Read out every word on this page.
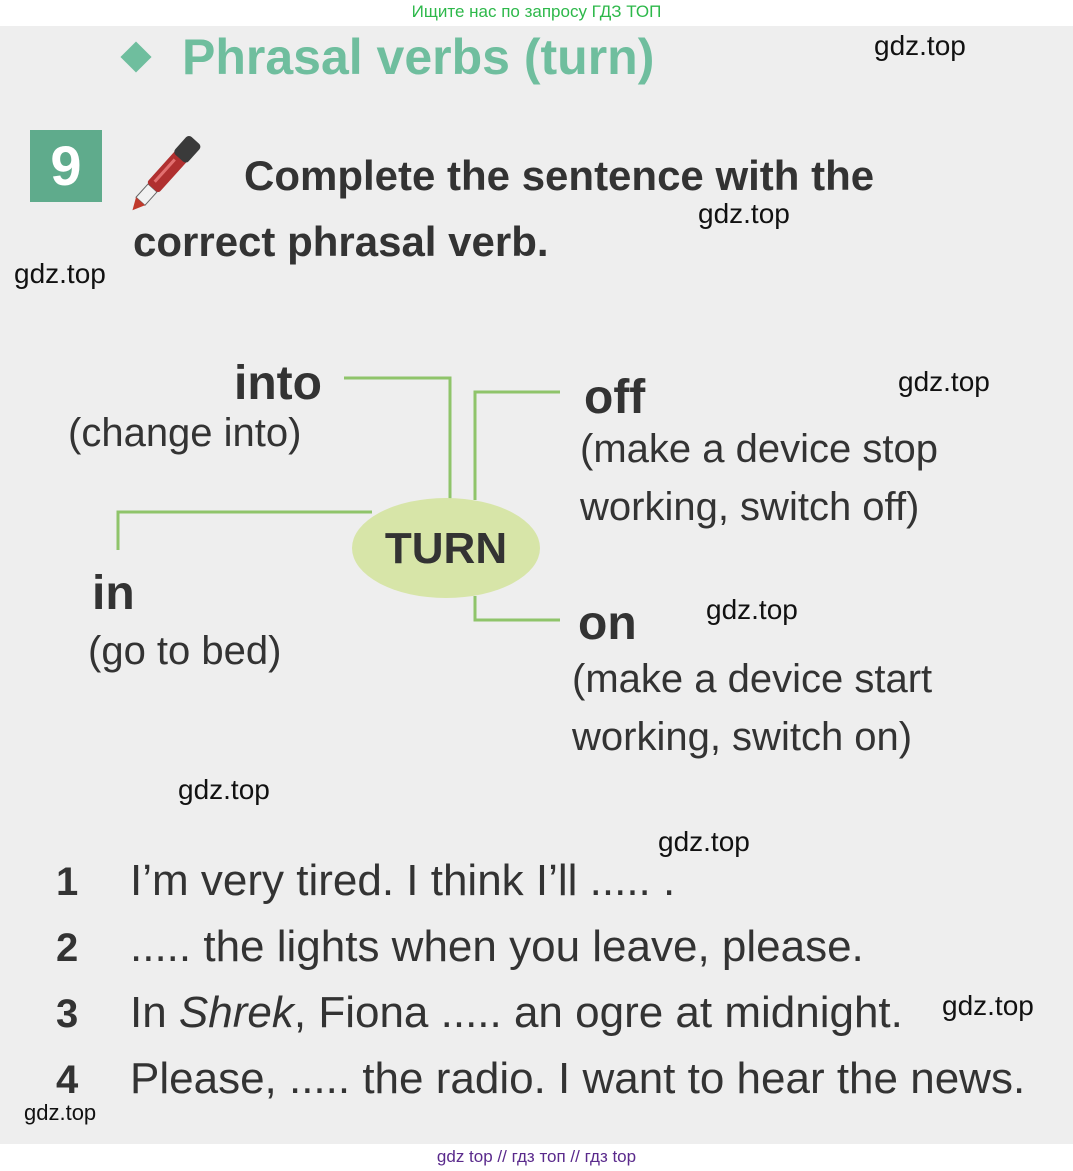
Ищите нас по запросу ГДЗ ТОП

Phrasal verbs (turn)
9	Complete the sentence with the
correct phrasal verb.
TURN
into
(change into)
off
(make a device stop
working, switch off)
in
(go to bed)
on
(make a device start
working, switch on)
1 I’m very tired. I think I’ll ..... .
2 ..... the lights when you leave, please.
3 In Shrek, Fiona ..... an ogre at midnight.
4 Please, ..... the radio. I want to hear the news.
gdz.top
gdz.top
gdz.top
gdz.top
gdz.top
gdz.top
gdz.top
gdz.top
gdz.top
gdz top // гдз топ // гдз top
